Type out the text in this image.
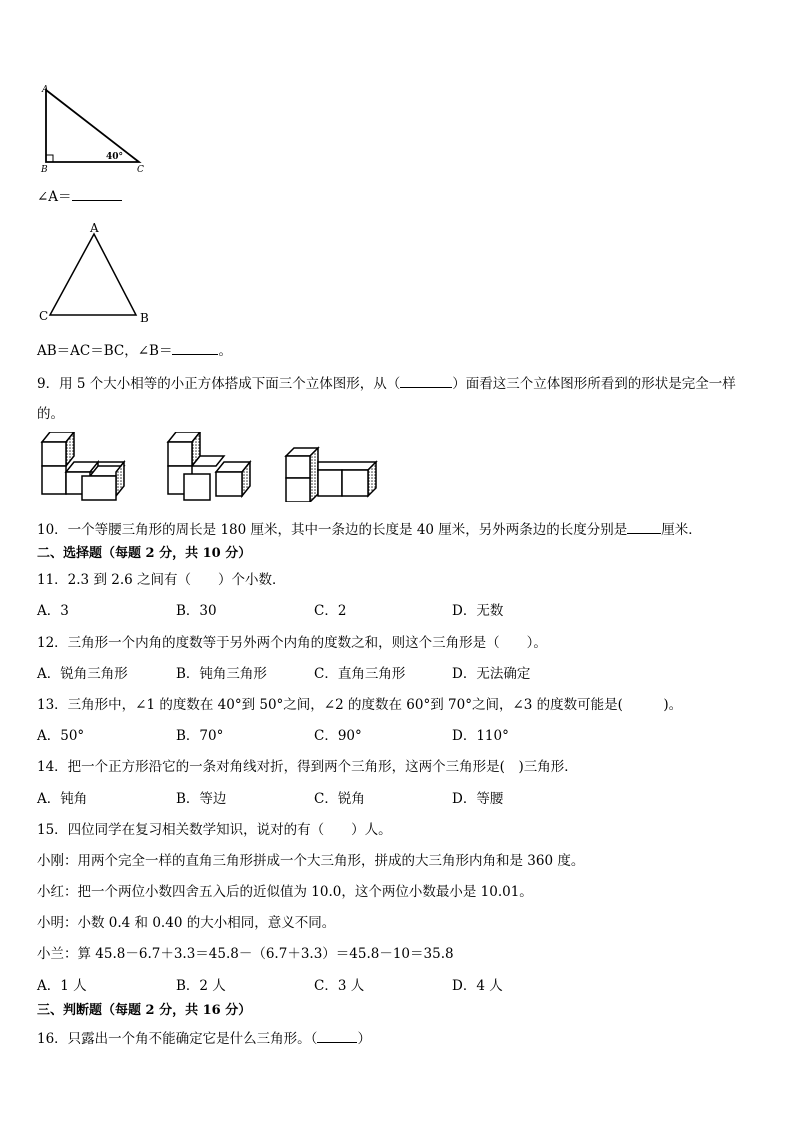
A
B	C
40°
∠A＝
A
C	B
AB＝AC＝BC，∠B＝	。
9．用 5 个大小相等的小正方体搭成下面三个立体图形，从（	）面看这三个立体图形所看到的形状是完全一样
的。
10．一个等腰三角形的周长是 180 厘米，其中一条边的长度是 40 厘米，另外两条边的长度分别是	厘米．
二、选择题（每题 2 分，共 10 分）
11．2.3 到 2.6 之间有（　　）个小数．
A．3	B．30	C．2	D．无数
12．三角形一个内角的度数等于另外两个内角的度数之和，则这个三角形是（　　）。
A．锐角三角形	B．钝角三角形	C．直角三角形	D．无法确定
13．三角形中，∠1 的度数在 40°到 50°之间，∠2 的度数在 60°到 70°之间，∠3 的度数可能是(　　　)。
A．50°	B．70°	C．90°	D．110°
14．把一个正方形沿它的一条对角线对折，得到两个三角形，这两个三角形是(　)三角形．
A．钝角	B．等边	C．锐角	D．等腰
15．四位同学在复习相关数学知识，说对的有（　　）人。
小刚：用两个完全一样的直角三角形拼成一个大三角形，拼成的大三角形内角和是 360 度。
小红：把一个两位小数四舍五入后的近似值为 10.0，这个两位小数最小是 10.01。
小明：小数 0.4 和 0.40 的大小相同，意义不同。
小兰：算 45.8－6.7＋3.3＝45.8－（6.7＋3.3）＝45.8－10＝35.8
A．1 人	B．2 人	C．3 人	D．4 人
三、判断题（每题 2 分，共 16 分）
16．只露出一个角不能确定它是什么三角形。（	）
